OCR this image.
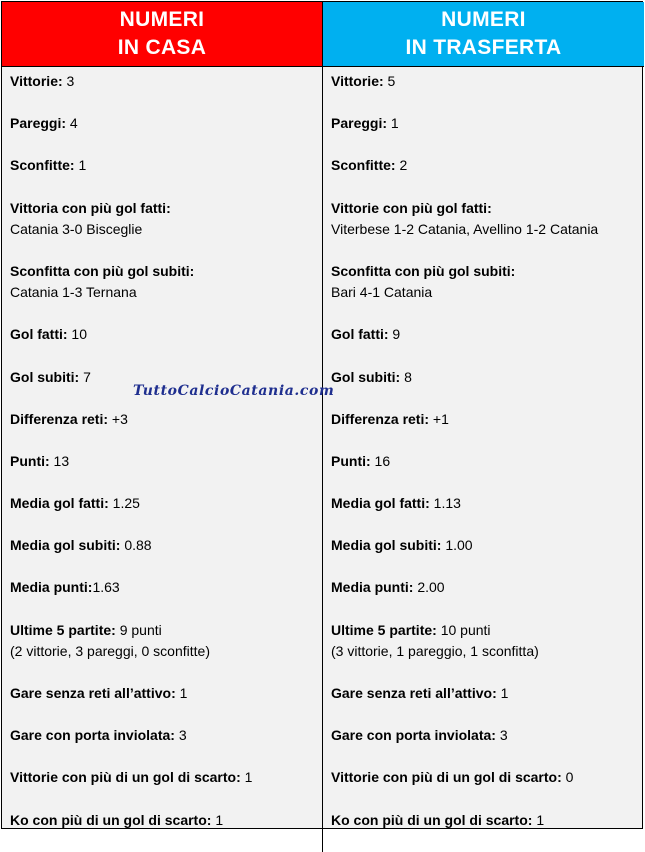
NUMERI
IN CASA
NUMERI
IN TRASFERTA
Vittorie: 3
Pareggi: 4
Sconfitte: 1
Vittoria con più gol fatti:
Catania 3-0 Bisceglie
Sconfitta con più gol subiti:
Catania 1-3 Ternana
Gol fatti: 10
Gol subiti: 7
Differenza reti: +3
Punti: 13
Media gol fatti: 1.25
Media gol subiti: 0.88
Media punti:1.63
Ultime 5 partite: 9 punti
(2 vittorie, 3 pareggi, 0 sconfitte)
Gare senza reti all’attivo: 1
Gare con porta inviolata: 3
Vittorie con più di un gol di scarto: 1
Ko con più di un gol di scarto: 1
Vittorie: 5
Pareggi: 1
Sconfitte: 2
Vittorie con più gol fatti:
Viterbese 1-2 Catania, Avellino 1-2 Catania
Sconfitta con più gol subiti:
Bari 4-1 Catania
Gol fatti: 9
Gol subiti: 8
Differenza reti: +1
Punti: 16
Media gol fatti: 1.13
Media gol subiti: 1.00
Media punti: 2.00
Ultime 5 partite: 10 punti
(3 vittorie, 1 pareggio, 1 sconfitta)
Gare senza reti all’attivo: 1
Gare con porta inviolata: 3
Vittorie con più di un gol di scarto: 0
Ko con più di un gol di scarto: 1
TuttoCalcioCatania.com
